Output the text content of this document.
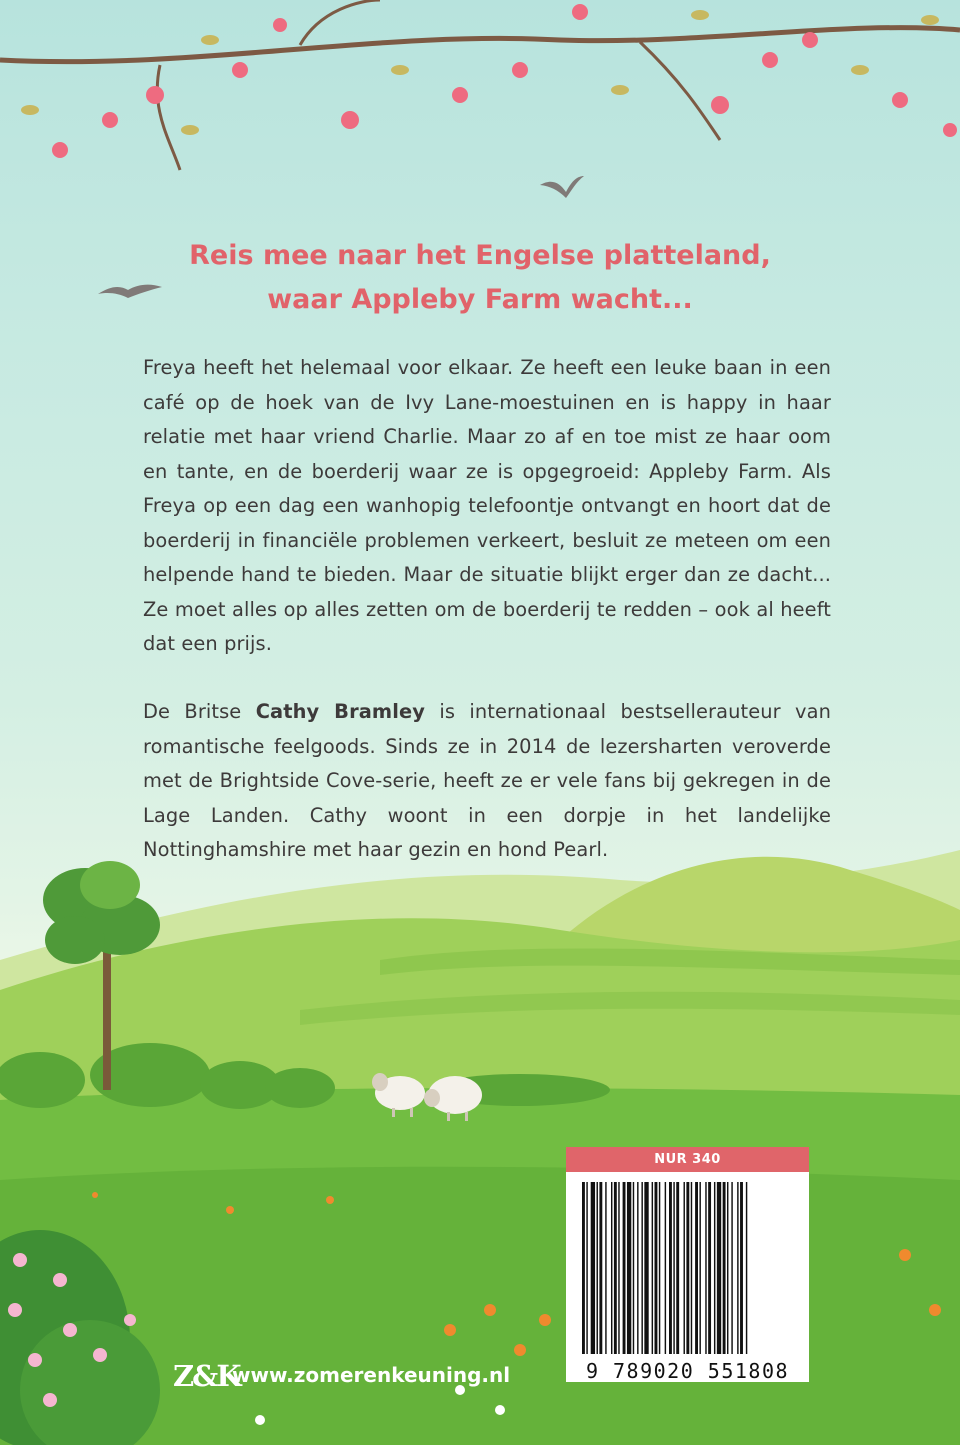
Reis mee naar het Engelse platteland,
waar Appleby Farm wacht...

Freya heeft het helemaal voor elkaar. Ze heeft een leuke baan in een café op de hoek van de Ivy Lane-moestuinen en is happy in haar relatie met haar vriend Charlie. Maar zo af en toe mist ze haar oom en tante, en de boerderij waar ze is opgegroeid: Appleby Farm. Als Freya op een dag een wanhopig telefoontje ontvangt en hoort dat de boerderij in financiële problemen verkeert, besluit ze meteen om een helpende hand te bieden. Maar de situatie blijkt erger dan ze dacht... Ze moet alles op alles zetten om de boerderij te redden – ook al heeft dat een prijs.

De Britse Cathy Bramley is internationaal bestsellerauteur van romantische feelgoods. Sinds ze in 2014 de lezersharten veroverde met de Brightside Cove-serie, heeft ze er vele fans bij gekregen in de Lage Landen. Cathy woont in een dorpje in het landelijke Nottinghamshire met haar gezin en hond Pearl.

NUR 340
9 789020 551808
Z&K
www.zomerenkeuning.nl
